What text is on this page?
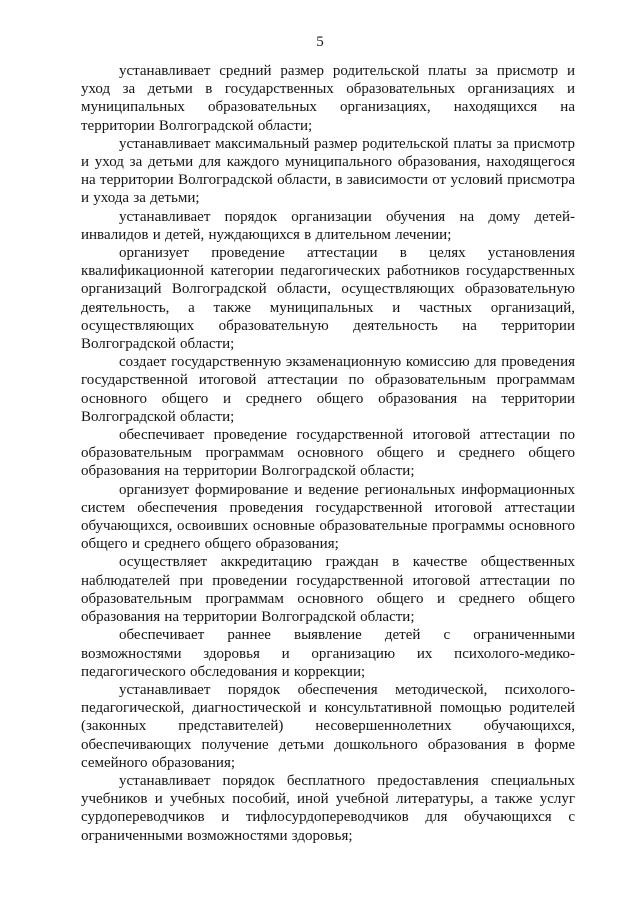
5

устанавливает средний размер родительской платы за присмотр и уход за детьми в государственных образовательных организациях и муниципальных образовательных организациях, находящихся на территории Волгоградской области;

устанавливает максимальный размер родительской платы за присмотр и уход за детьми для каждого муниципального образования, находящегося на территории Волгоградской области, в зависимости от условий присмотра и ухода за детьми;

устанавливает порядок организации обучения на дому детей-инвалидов и детей, нуждающихся в длительном лечении;

организует проведение аттестации в целях установления квалификационной категории педагогических работников государственных организаций Волгоградской области, осуществляющих образовательную деятельность, а также муниципальных и частных организаций, осуществляющих образовательную деятельность на территории Волгоградской области;

создает государственную экзаменационную комиссию для проведения государственной итоговой аттестации по образовательным программам основного общего и среднего общего образования на территории Волгоградской области;

обеспечивает проведение государственной итоговой аттестации по образовательным программам основного общего и среднего общего образования на территории Волгоградской области;

организует формирование и ведение региональных информационных систем обеспечения проведения государственной итоговой аттестации обучающихся, освоивших основные образовательные программы основного общего и среднего общего образования;

осуществляет аккредитацию граждан в качестве общественных наблюдателей при проведении государственной итоговой аттестации по образовательным программам основного общего и среднего общего образования на территории Волгоградской области;

обеспечивает раннее выявление детей с ограниченными возможностями здоровья и организацию их психолого-медико-педагогического обследования и коррекции;

устанавливает порядок обеспечения методической, психолого-педагогической, диагностической и консультативной помощью родителей (законных представителей) несовершеннолетних обучающихся, обеспечивающих получение детьми дошкольного образования в форме семейного образования;

устанавливает порядок бесплатного предоставления специальных учебников и учебных пособий, иной учебной литературы, а также услуг сурдопереводчиков и тифлосурдопереводчиков для обучающихся с ограниченными возможностями здоровья;
